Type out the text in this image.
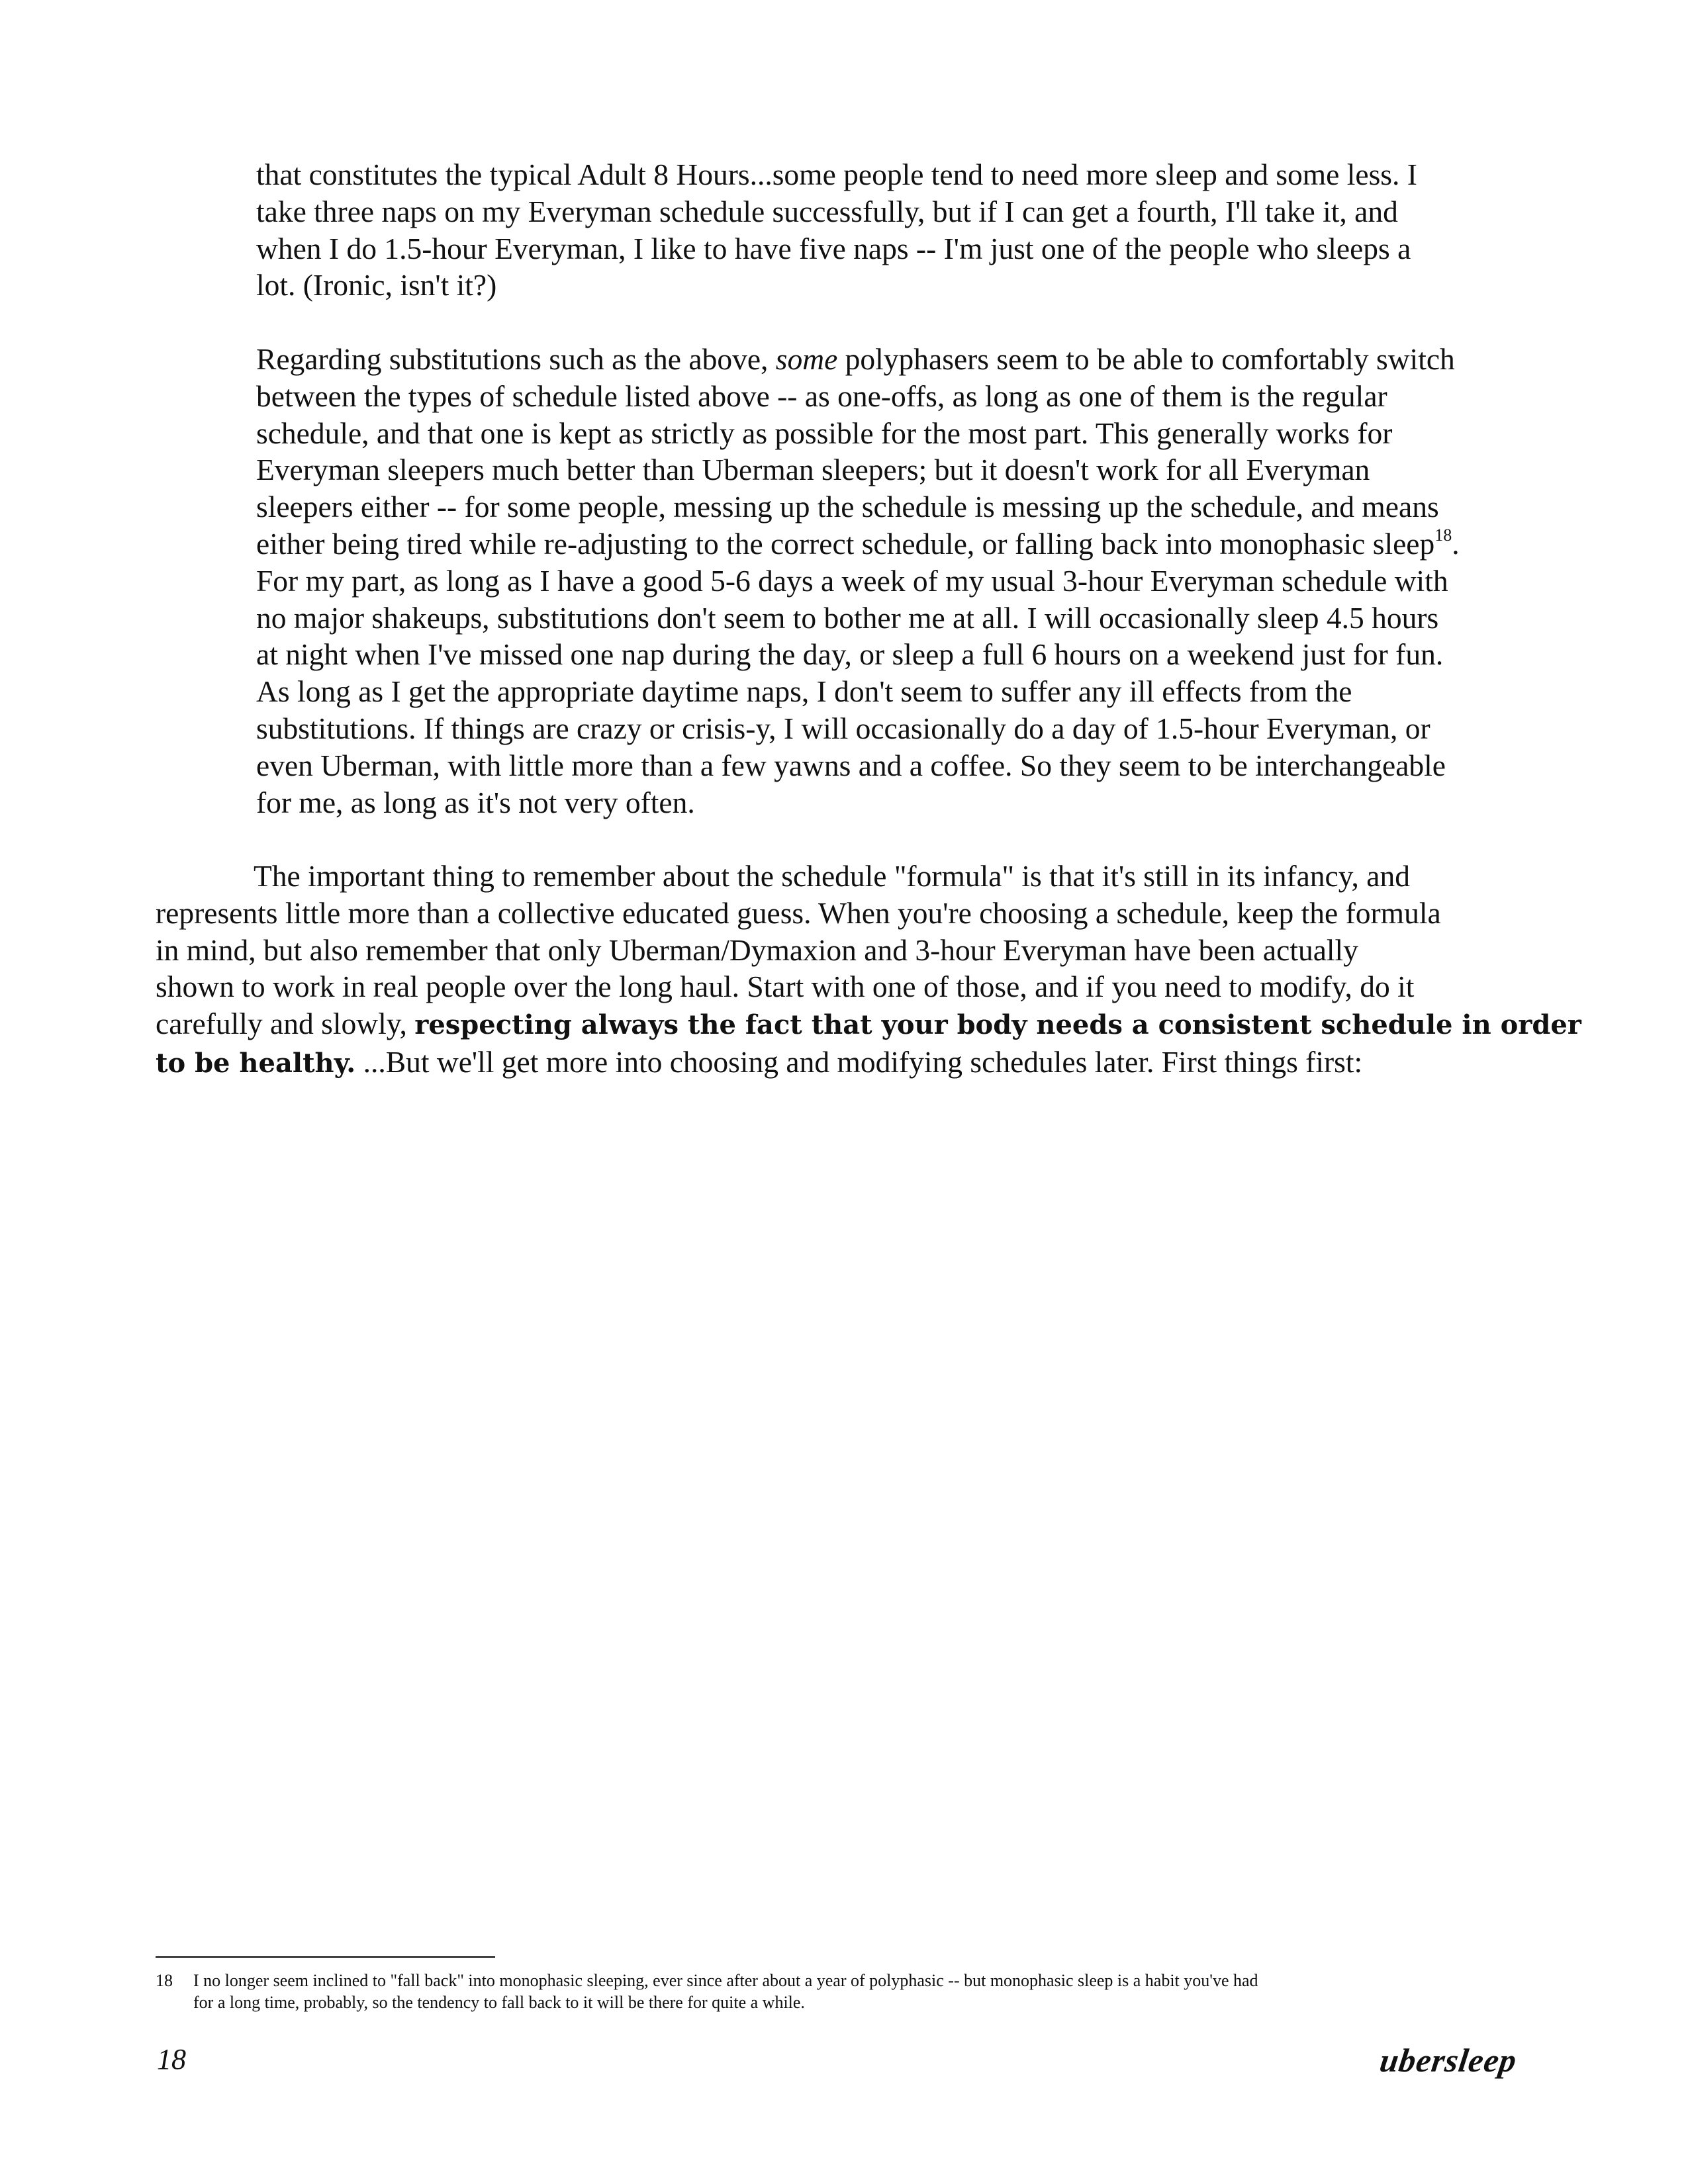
that constitutes the typical Adult 8 Hours...some people tend to need more sleep and some less. I
take three naps on my Everyman schedule successfully, but if I can get a fourth, I'll take it, and
when I do 1.5-hour Everyman, I like to have five naps -- I'm just one of the people who sleeps a
lot. (Ironic, isn't it?)
Regarding substitutions such as the above, some polyphasers seem to be able to comfortably switch
between the types of schedule listed above -- as one-offs, as long as one of them is the regular
schedule, and that one is kept as strictly as possible for the most part. This generally works for
Everyman sleepers much better than Uberman sleepers; but it doesn't work for all Everyman
sleepers either -- for some people, messing up the schedule is messing up the schedule, and means
either being tired while re-adjusting to the correct schedule, or falling back into monophasic sleep$^{18}$.
For my part, as long as I have a good 5-6 days a week of my usual 3-hour Everyman schedule with
no major shakeups, substitutions don't seem to bother me at all. I will occasionally sleep 4.5 hours
at night when I've missed one nap during the day, or sleep a full 6 hours on a weekend just for fun.
As long as I get the appropriate daytime naps, I don't seem to suffer any ill effects from the
substitutions. If things are crazy or crisis-y, I will occasionally do a day of 1.5-hour Everyman, or
even Uberman, with little more than a few yawns and a coffee. So they seem to be interchangeable
for me, as long as it's not very often.
The important thing to remember about the schedule "formula" is that it's still in its infancy, and
represents little more than a collective educated guess. When you're choosing a schedule, keep the formula
in mind, but also remember that only Uberman/Dymaxion and 3-hour Everyman have been actually
shown to work in real people over the long haul. Start with one of those, and if you need to modify, do it
carefully and slowly, respecting always the fact that your body needs a consistent schedule in order
to be healthy. ...But we'll get more into choosing and modifying schedules later. First things first:
18 I no longer seem inclined to "fall back" into monophasic sleeping, ever since after about a year of polyphasic -- but monophasic sleep is a habit you've had
for a long time, probably, so the tendency to fall back to it will be there for quite a while.
18	ubersleep
